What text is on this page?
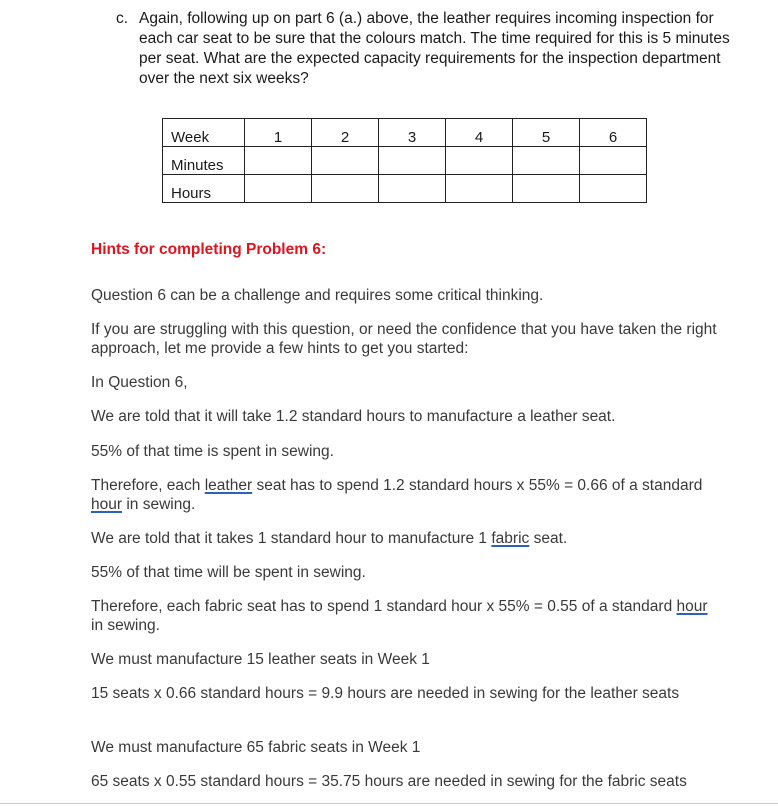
c. Again, following up on part 6 (a.) above, the leather requires incoming inspection for each car seat to be sure that the colours match. The time required for this is 5 minutes per seat. What are the expected capacity requirements for the inspection department over the next six weeks?
Week	1	2	3	4	5	6
Minutes						
Hours						
Hints for completing Problem 6:
Question 6 can be a challenge and requires some critical thinking.
If you are struggling with this question, or need the confidence that you have taken the right approach, let me provide a few hints to get you started:
In Question 6,
We are told that it will take 1.2 standard hours to manufacture a leather seat.
55% of that time is spent in sewing.
Therefore, each leather seat has to spend 1.2 standard hours x 55% = 0.66 of a standard hour in sewing.
We are told that it takes 1 standard hour to manufacture 1 fabric seat.
55% of that time will be spent in sewing.
Therefore, each fabric seat has to spend 1 standard hour x 55% = 0.55 of a standard hour in sewing.
We must manufacture 15 leather seats in Week 1
15 seats x 0.66 standard hours = 9.9 hours are needed in sewing for the leather seats
We must manufacture 65 fabric seats in Week 1
65 seats x 0.55 standard hours = 35.75 hours are needed in sewing for the fabric seats
